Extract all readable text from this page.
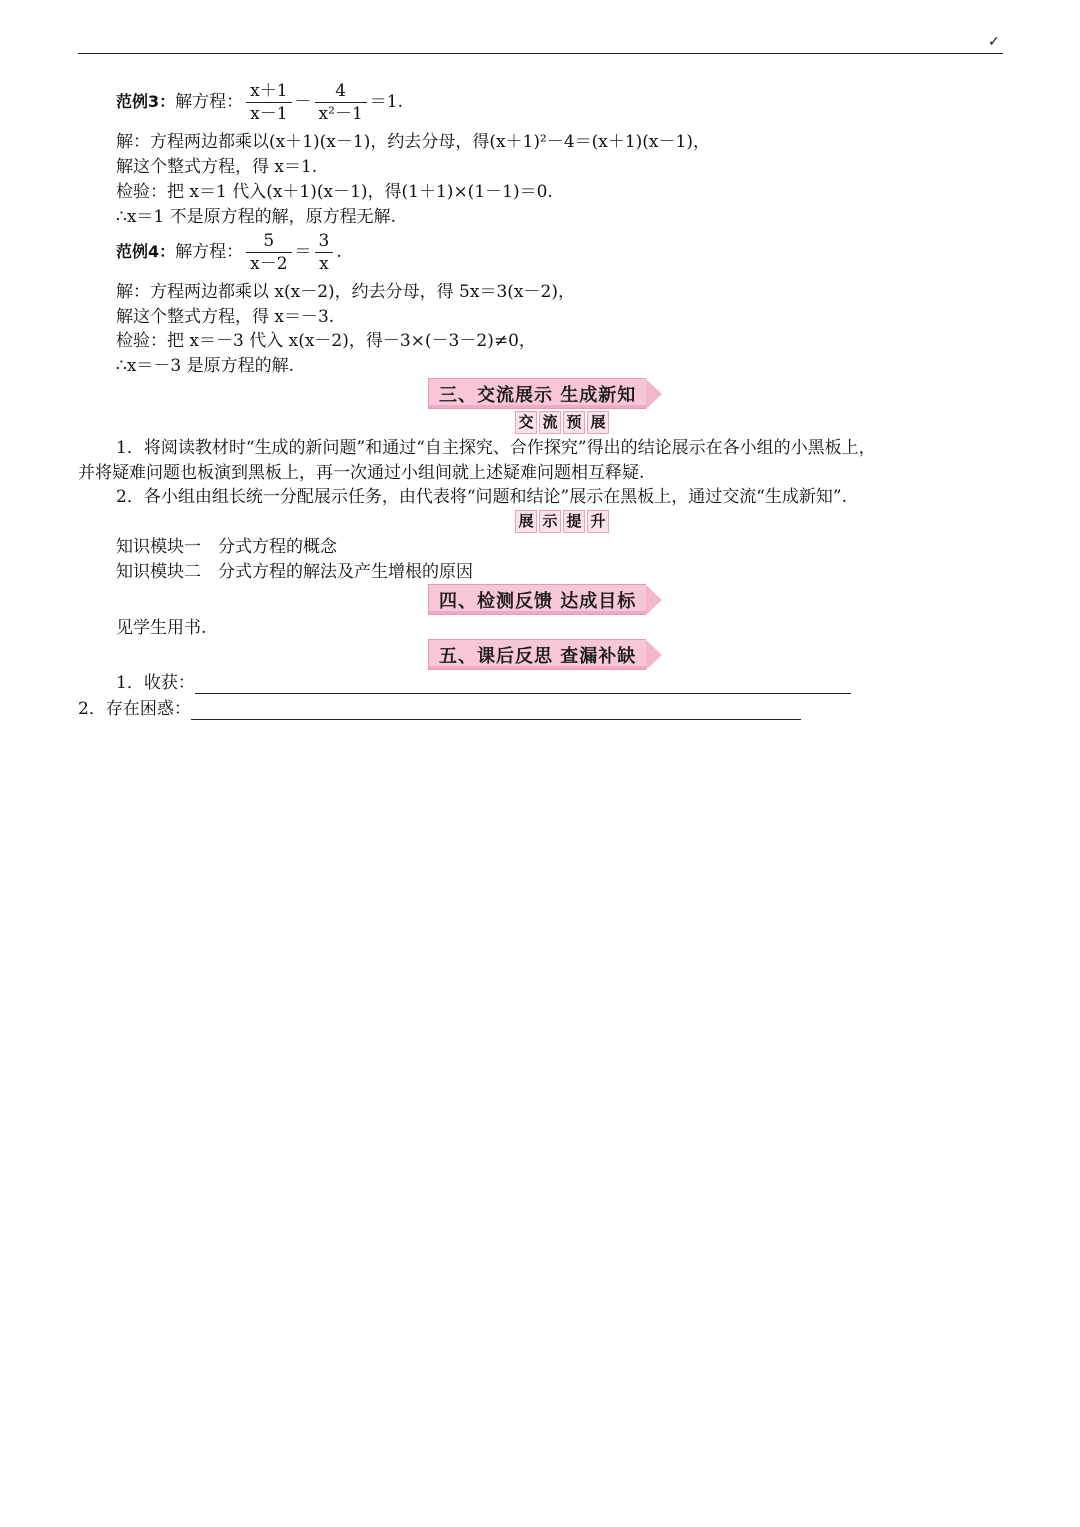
✓
范例3：解方程： $\frac{x+1}{x-1} - \frac{4}{\text{x²－1}} =1$.
解：方程两边都乘以(x＋1)(x－1)，约去分母，得(x＋1)²－4＝(x＋1)(x－1)，
解这个整式方程，得 x＝1.
检验：把 x＝1 代入(x＋1)(x－1)，得(1＋1)×(1－1)＝0.
∴x＝1 不是原方程的解，原方程无解.
范例4：解方程： $\frac{5}{x-2} = \frac{3}{x}$ .
解：方程两边都乘以 x(x－2)，约去分母，得 5x＝3(x－2)，
解这个整式方程，得 x＝－3.
检验：把 x＝－3 代入 x(x－2)，得－3×(－3－2)≠0，
∴x＝－3 是原方程的解.
三、交流展示 生成新知
交 流 预 展
1．将阅读教材时“生成的新问题”和通过“自主探究、合作探究”得出的结论展示在各小组的小黑板上，
并将疑难问题也板演到黑板上，再一次通过小组间就上述疑难问题相互释疑.
2．各小组由组长统一分配展示任务，由代表将“问题和结论”展示在黑板上，通过交流“生成新知”.
展 示 提 升
知识模块一　分式方程的概念
知识模块二　分式方程的解法及产生增根的原因
四、检测反馈 达成目标
见学生用书.
五、课后反思 查漏补缺
1．收获：
2．存在困惑：
